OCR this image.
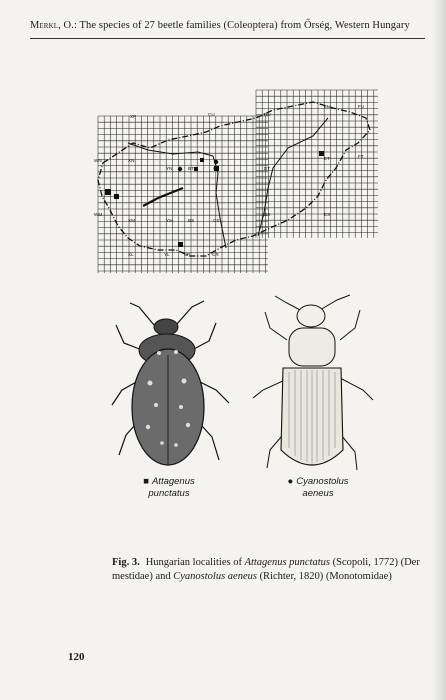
Merkl, O.: The species of 27 beetle families (Coleoptera) from Őrség, Western Hungary
XP	CU	DU
EU	FU
XN
YN	BT	CT	DT
ET	FT
WN
WM
XM	YM	BS	CS
DS	ES
XL	YL	BR	CR
■ Attagenus
punctatus
● Cyanostolus
aeneus
Fig. 3. Hungarian localities of Attagenus punctatus (Scopoli, 1772) (Der mestidae) and Cyanostolus aeneus (Richter, 1820) (Monotomidae)
120
